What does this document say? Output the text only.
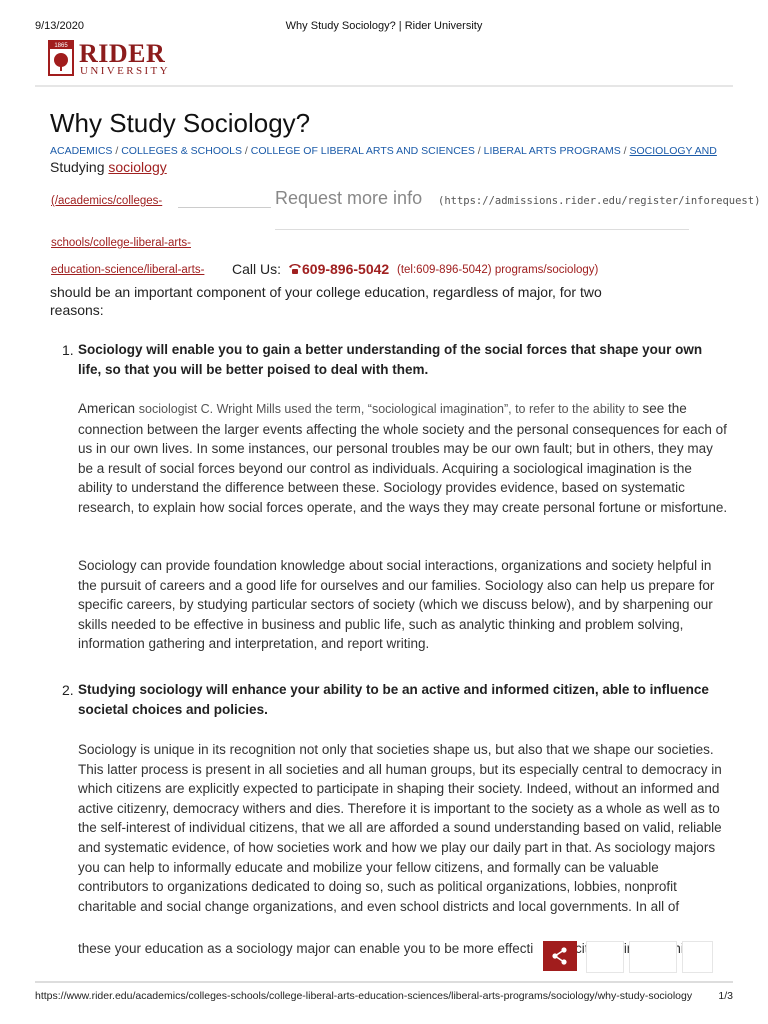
9/13/2020	Why Study Sociology? | Rider University
1865 RIDER
UNIVERSITY
Why Study Sociology?
ACADEMICS / COLLEGES & SCHOOLS / COLLEGE OF LIBERAL ARTS AND SCIENCES / LIBERAL ARTS PROGRAMS / SOCIOLOGY AND
Studying sociology
(/academics/colleges-	Request more info (https://admissions.rider.edu/register/inforequest)
schools/college-liberal-arts-
education-science/liberal-arts- Call Us:	609-896-5042 (tel:609-896-5042) programs/sociology)
should be an important component of your college education, regardless of major, for two reasons:
1. Sociology will enable you to gain a better understanding of the social forces that shape your own life, so that you will be better poised to deal with them.
American sociologist C. Wright Mills used the term, “sociological imagination”, to refer to the ability to see the connection between the larger events affecting the whole society and the personal consequences for each of us in our own lives. In some instances, our personal troubles may be our own fault; but in others, they may be a result of social forces beyond our control as individuals. Acquiring a sociological imagination is the ability to understand the difference between these. Sociology provides evidence, based on systematic research, to explain how social forces operate, and the ways they may create personal fortune or misfortune.
Sociology can provide foundation knowledge about social interactions, organizations and society helpful in the pursuit of careers and a good life for ourselves and our families. Sociology also can help us prepare for specific careers, by studying particular sectors of society (which we discuss below), and by sharpening our skills needed to be effective in business and public life, such as analytic thinking and problem solving, information gathering and interpretation, and report writing.
2. Studying sociology will enhance your ability to be an active and informed citizen, able to influence societal choices and policies.
Sociology is unique in its recognition not only that societies shape us, but also that we shape our societies. This latter process is present in all societies and all human groups, but its especially central to democracy in which citizens are explicitly expected to participate in shaping their society. Indeed, without an informed and active citizenry, democracy withers and dies. Therefore it is important to the society as a whole as well as to the self-interest of individual citizens, that we all are afforded a sound understanding based on valid, reliable and systematic evidence, of how societies work and how we play our daily part in that. As sociology majors you can help to informally educate and mobilize your fellow citizens, and formally can be valuable contributors to organizations dedicated to doing so, such as political organizations, lobbies, nonprofit charitable and social change organizations, and even school districts and local governments. In all of
these your education as a sociology major can enable you to be more effecti
https://www.rider.edu/academics/colleges-schools/college-liberal-arts-education-sciences/liberal-arts-programs/sociology/why-study-sociology	1/3
